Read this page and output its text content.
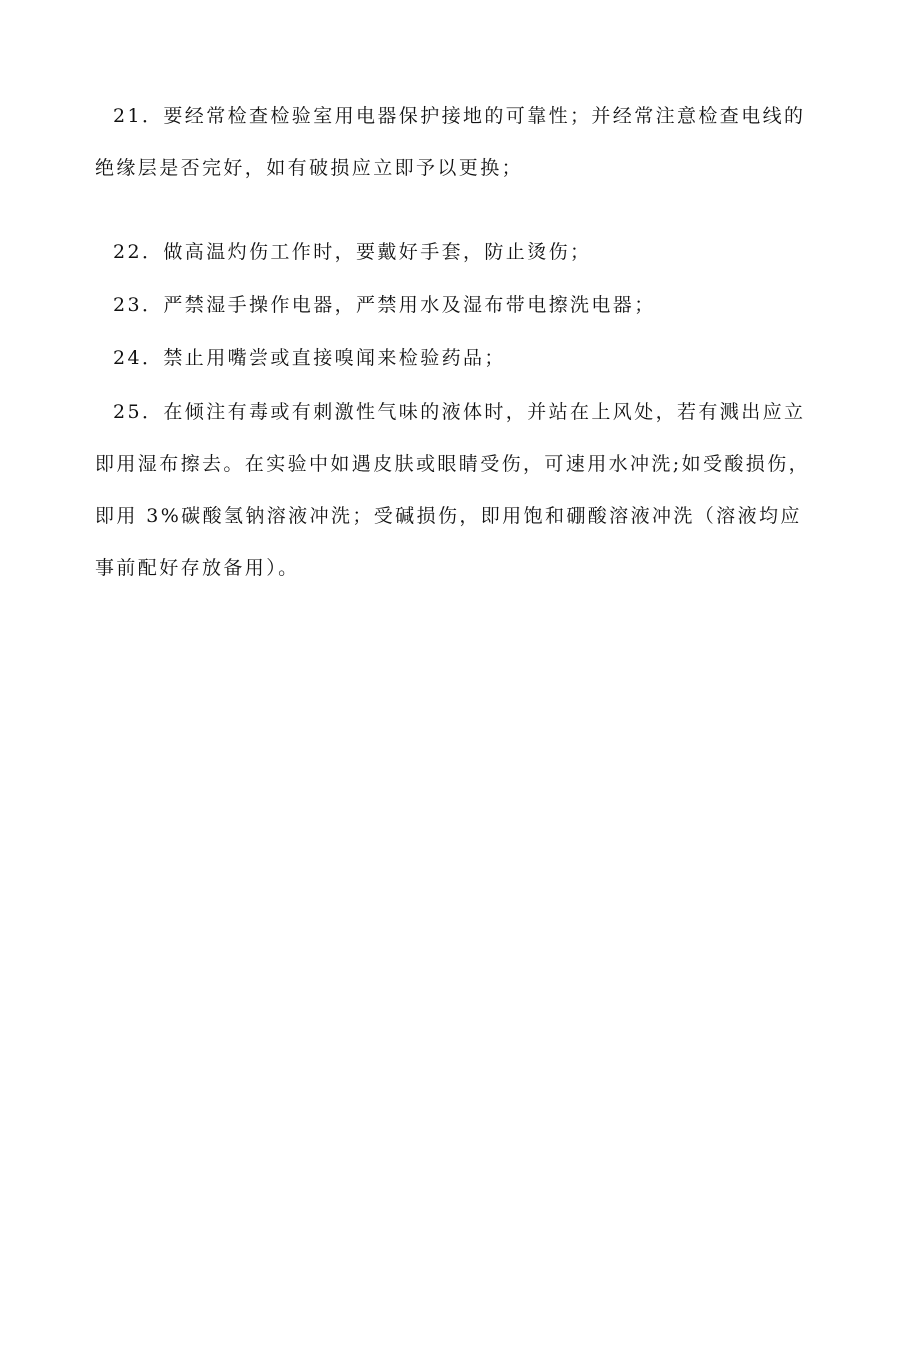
21．要经常检查检验室用电器保护接地的可靠性；并经常注意检查电线的
绝缘层是否完好，如有破损应立即予以更换；

22．做高温灼伤工作时，要戴好手套，防止烫伤；

23．严禁湿手操作电器，严禁用水及湿布带电擦洗电器；

24．禁止用嘴尝或直接嗅闻来检验药品；

25．在倾注有毒或有刺激性气味的液体时，并站在上风处，若有溅出应立
即用湿布擦去。在实验中如遇皮肤或眼睛受伤，可速用水冲洗;如受酸损伤，
即用 3%碳酸氢钠溶液冲洗；受碱损伤，即用饱和硼酸溶液冲洗（溶液均应
事前配好存放备用）。
